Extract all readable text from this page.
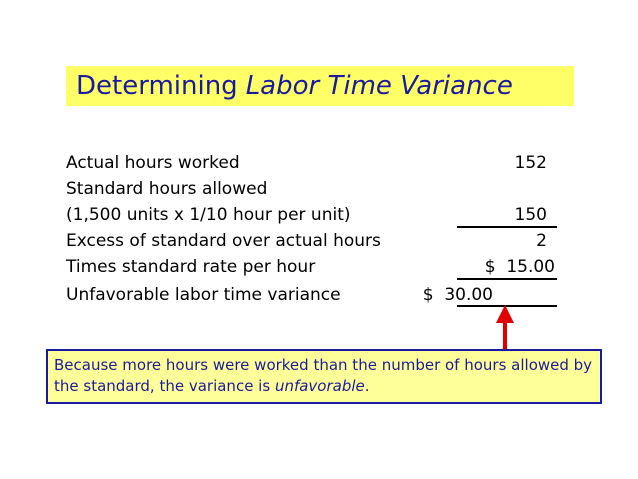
Determining Labor Time Variance
Actual hours worked	152
Standard hours allowed
(1,500 units x 1/10 hour per unit)	150
Excess of standard over actual hours	2
Times standard rate per hour	$  15.00
Unfavorable labor time variance	$  30.00
Because more hours were worked than the number of hours allowed by the standard, the variance is unfavorable.
